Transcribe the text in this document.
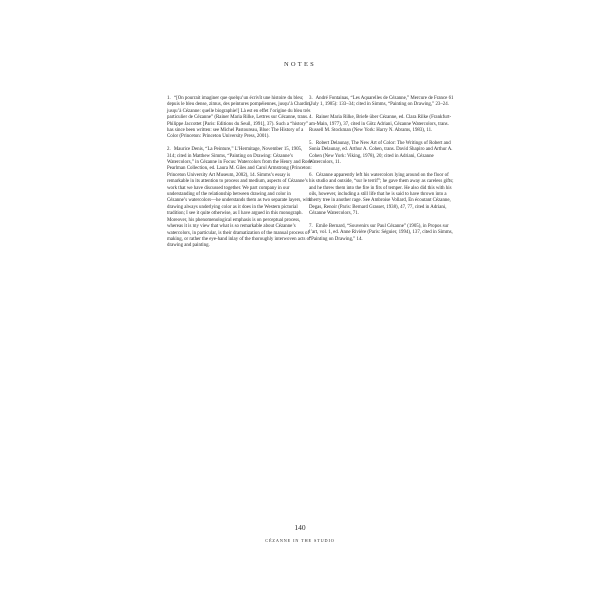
NOTES

1. “[On pourrait imaginer que quelqu’un écrivît une histoire du bleu; depuis le bleu dense, zimus, des peintures pompéiennes, jusqu’à Chardin, jusqu’à Cézanne: quelle biographie!] Là est en effet l’origine du bleu très particulier de Cézanne” (Rainer Maria Rilke, Lettres sur Cézanne, trans. Philippe Jaccottet [Paris: Editions du Seuil, 1991], 37). Such a “history” has since been written: see Michel Pastoureau, Blue: The History of a Color (Princeton: Princeton University Press, 2001).

2. Maurice Denis, “La Peinture,” L’Hermitage, November 15, 1905, 314; cited in Matthew Simms, “Painting on Drawing: Cézanne’s Watercolors,” in Cézanne in Focus: Watercolors from the Henry and Rose Pearlman Collection, ed. Laura M. Giles and Carol Armstrong (Princeton: Princeton University Art Museum, 2002), 14. Simms’s essay is remarkable in its attention to process and medium, aspects of Cézanne’s work that we have discussed together. We part company in our understanding of the relationship between drawing and color in Cézanne’s watercolors—he understands them as two separate layers, with drawing always underlying color as it does in the Western pictorial tradition; I see it quite otherwise, as I have argued in this monograph. Moreover, his phenomenological emphasis is on perceptual process, whereas it is my view that what is so remarkable about Cézanne’s watercolors, in particular, is their dramatization of the manual process of making, or rather the eye-hand inlay of the thoroughly interwoven acts of drawing and painting.

3. André Fontainas, “Les Aquarelles de Cézanne,” Mercure de France 61 (July 1, 1905): 133–34; cited in Simms, “Painting on Drawing,” 23–24.

4. Rainer Maria Rilke, Briefe über Cézanne, ed. Clara Rilke (Frankfurt-am-Main, 1977), 37, cited in Götz Adriani, Cézanne Watercolors, trans. Russell M. Stockman (New York: Harry N. Abrams, 1983), 11.

5. Robert Delaunay, The New Art of Color: The Writings of Robert and Sonia Delaunay, ed. Arthur A. Cohen, trans. David Shapiro and Arthur A. Cohen (New York: Viking, 1978), 20; cited in Adriani, Cézanne Watercolors, 11.

6. Cézanne apparently left his watercolors lying around on the floor of his studio and outside, “sur le terrif”; he gave them away as careless gifts; and he threw them into the fire in fits of temper. He also did this with his oils, however, including a still life that he is said to have thrown into a cherry tree in another rage. See Ambroise Vollard, En écoutant Cézanne, Degas, Renoir (Paris: Bernard Grasset, 1938), 47, 77, cited in Adriani, Cézanne Watercolors, 71.

7. Emile Bernard, “Souvenirs sur Paul Cézanne” (1905), in Propos sur l’art, vol. 1, ed. Anne Rivière (Paris: Séguier, 1994), 137, cited in Simms, “Painting on Drawing,” 14.

140
CÉZANNE IN THE STUDIO
